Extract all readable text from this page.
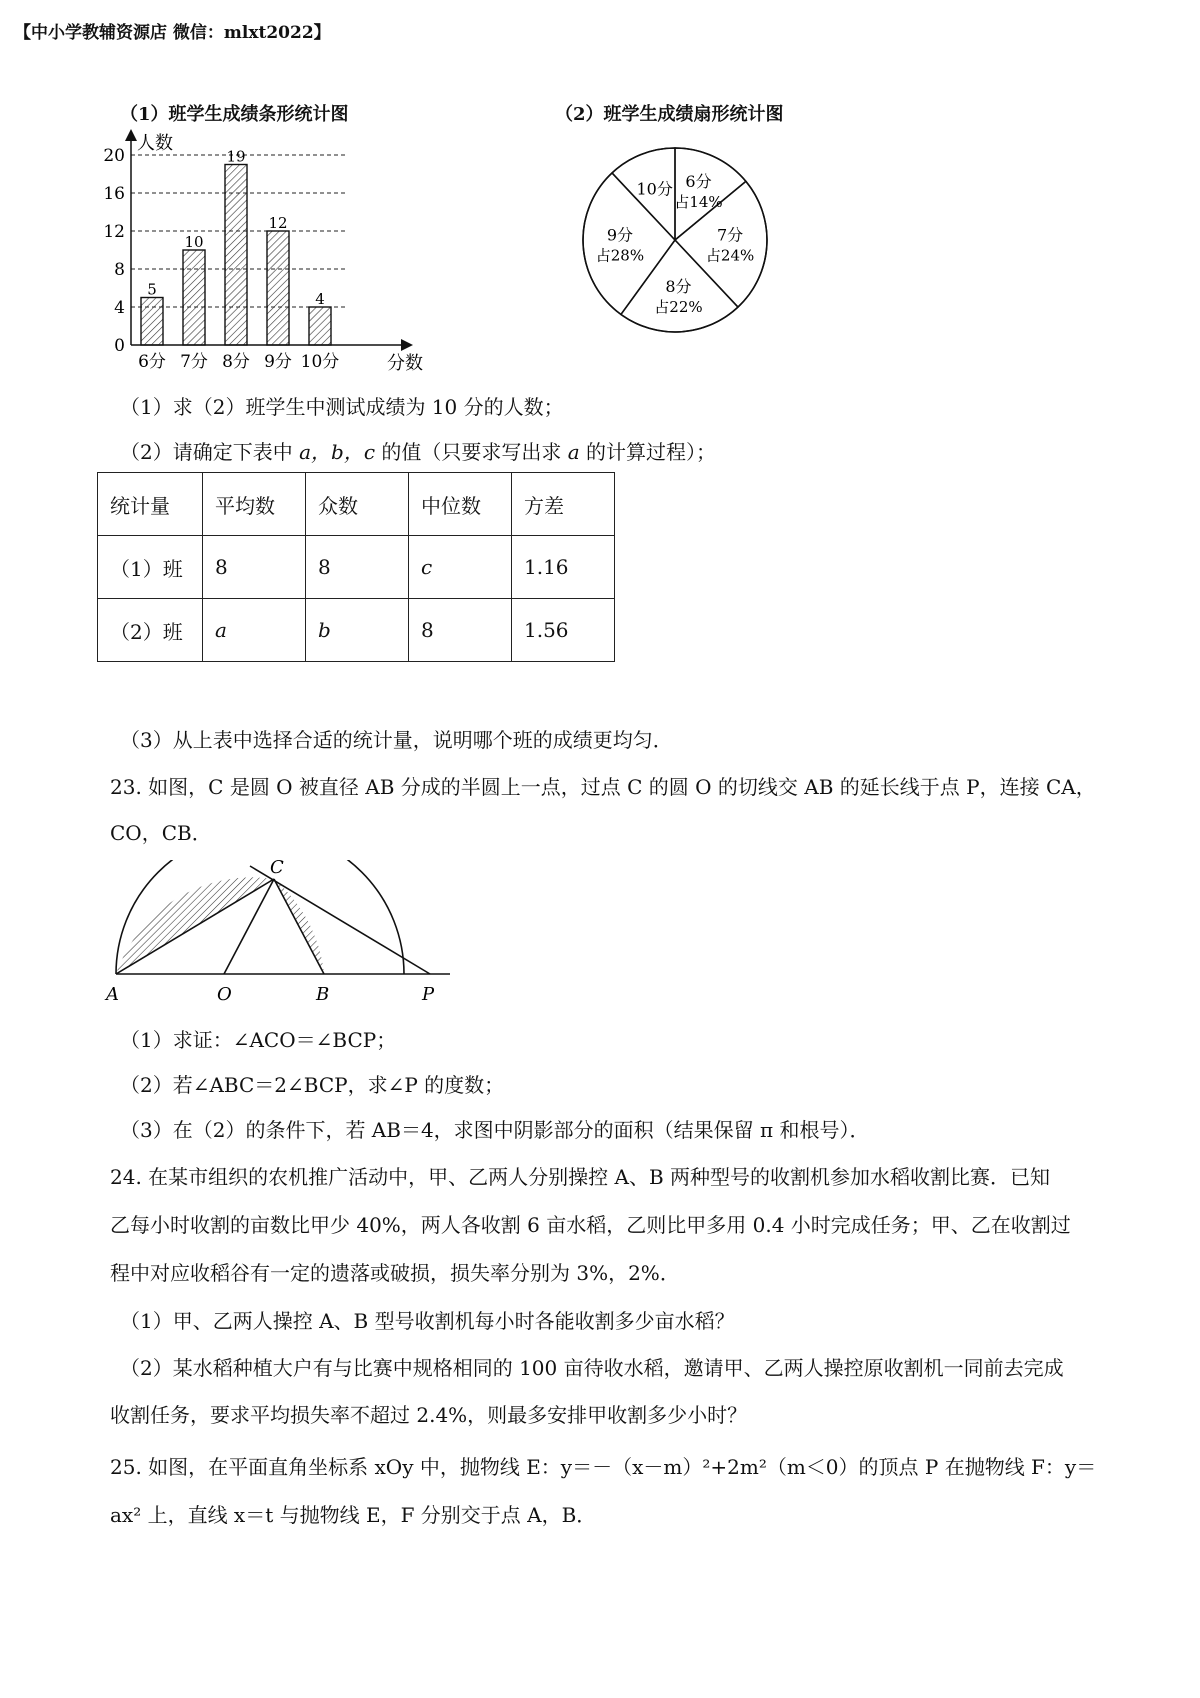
【中小学教辅资源店 微信：mlxt2022】
（1）班学生成绩条形统计图	（2）班学生成绩扇形统计图
人数
分数
0
4
8
12
16
20
5
6分
10
7分
19
8分
12
9分
4
10分
6分
占14%
7分
占24%
8分
占22%
9分
占28%
10分
（1）求（2）班学生中测试成绩为 10 分的人数；
（2）请确定下表中 a，b，c 的值（只要求写出求 a 的计算过程）；
统计量	平均数	众数	中位数	方差
（1）班	8	8	c	1.16
（2）班	a	b	8	1.56
（3）从上表中选择合适的统计量，说明哪个班的成绩更均匀．
23. 如图，C 是圆 O 被直径 AB 分成的半圆上一点，过点 C 的圆 O 的切线交 AB 的延长线于点 P，连接 CA，
CO，CB．
A	O	B	P
C
（1）求证：∠ACO＝∠BCP；
（2）若∠ABC＝2∠BCP，求∠P 的度数；
（3）在（2）的条件下，若 AB＝4，求图中阴影部分的面积（结果保留 π 和根号）．
24. 在某市组织的农机推广活动中，甲、乙两人分别操控 A、B 两种型号的收割机参加水稻收割比赛．已知
乙每小时收割的亩数比甲少 40%，两人各收割 6 亩水稻，乙则比甲多用 0.4 小时完成任务；甲、乙在收割过
程中对应收稻谷有一定的遗落或破损，损失率分别为 3%，2%．
（1）甲、乙两人操控 A、B 型号收割机每小时各能收割多少亩水稻？
（2）某水稻种植大户有与比赛中规格相同的 100 亩待收水稻，邀请甲、乙两人操控原收割机一同前去完成
收割任务，要求平均损失率不超过 2.4%，则最多安排甲收割多少小时？
25. 如图，在平面直角坐标系 xOy 中，抛物线 E：y＝－（x－m）²+2m²（m＜0）的顶点 P 在抛物线 F：y＝
ax² 上，直线 x＝t 与抛物线 E，F 分别交于点 A，B．
